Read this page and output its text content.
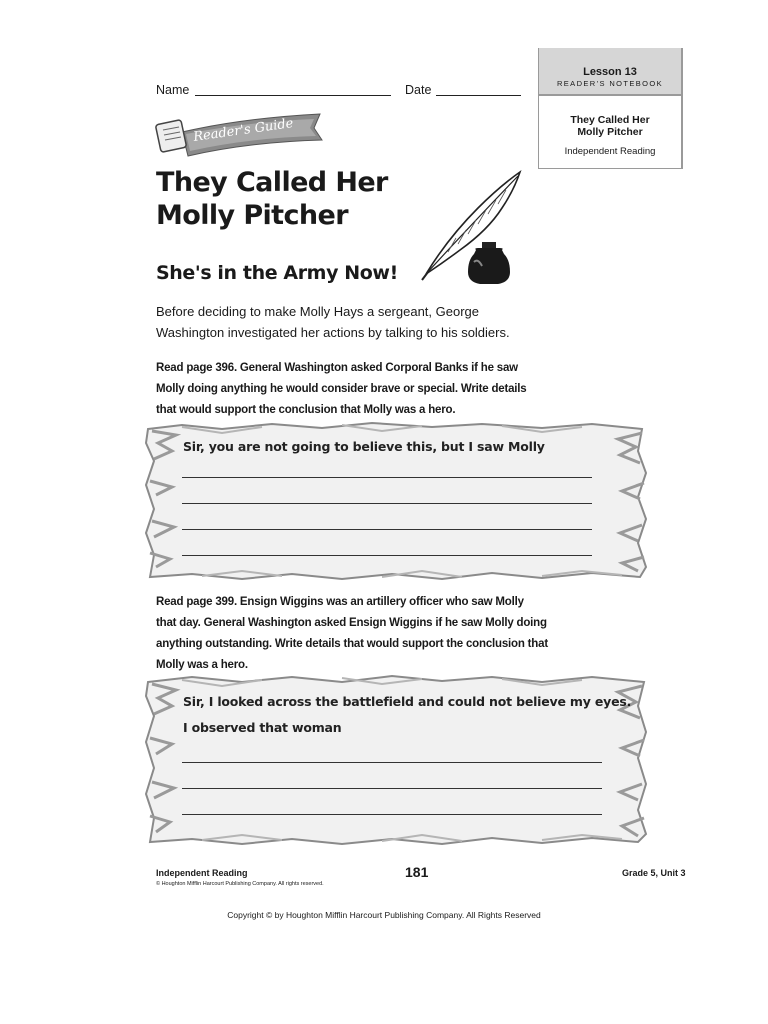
Lesson 13
READER'S NOTEBOOK
They Called Her
Molly Pitcher
Independent Reading
Name	Date
Reader's Guide
They Called Her
Molly Pitcher
She's in the Army Now!
Before deciding to make Molly Hays a sergeant, George
Washington investigated her actions by talking to his soldiers.
Read page 396. General Washington asked Corporal Banks if he saw
Molly doing anything he would consider brave or special. Write details
that would support the conclusion that Molly was a hero.
Sir, you are not going to believe this, but I saw Molly
Read page 399. Ensign Wiggins was an artillery officer who saw Molly
that day. General Washington asked Ensign Wiggins if he saw Molly doing
anything outstanding. Write details that would support the conclusion that
Molly was a hero.
Sir, I looked across the battlefield and could not believe my eyes.
I observed that woman
Independent Reading
© Houghton Mifflin Harcourt Publishing Company. All rights reserved.
181	Grade 5, Unit 3
Copyright © by Houghton Mifflin Harcourt Publishing Company. All Rights Reserved
